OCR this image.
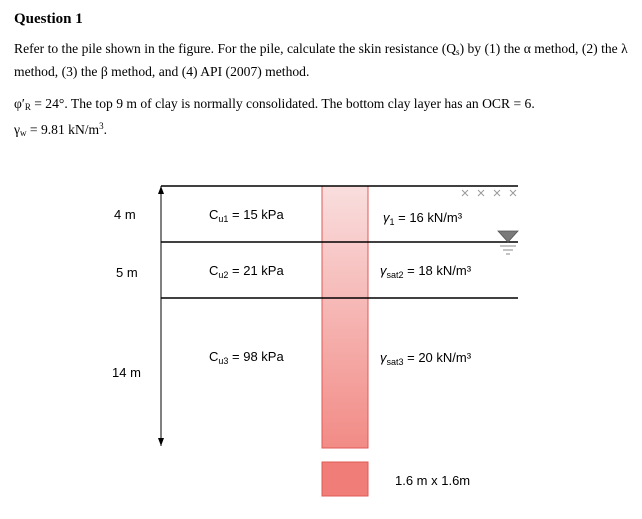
Question 1

Refer to the pile shown in the figure. For the pile, calculate the skin resistance $(Q_s)$ by (1) the α method, (2) the λ method, (3) the β method, and (4) API (2007) method.

$\varphi'_R = 24^\circ$. The top 9 m of clay is normally consolidated. The bottom clay layer has an OCR = 6.
$\gamma_w = 9.81$ $kN/m^3$.

4 m
5 m
14 m
$C_{u1} = 15$ kPa
$C_{u2} = 21$ kPa
$C_{u3} = 98$ kPa
$\gamma_1 = 16$ kN/m³
$\gamma_{sat2} = 18$ kN/m³
$\gamma_{sat3} = 20$ kN/m³
1.6 m x 1.6m
